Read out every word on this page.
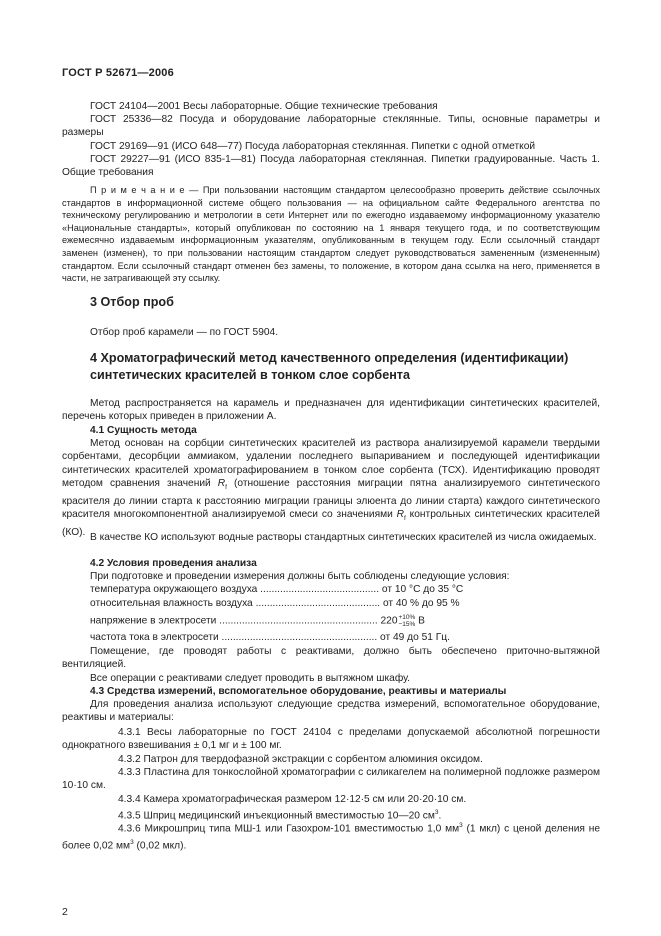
ГОСТ Р 52671—2006
ГОСТ 24104—2001 Весы лабораторные. Общие технические требования
ГОСТ 25336—82 Посуда и оборудование лабораторные стеклянные. Типы, основные параметры и размеры
ГОСТ 29169—91 (ИСО 648—77) Посуда лабораторная стеклянная. Пипетки с одной отметкой
ГОСТ 29227—91 (ИСО 835-1—81) Посуда лабораторная стеклянная. Пипетки градуированные. Часть 1. Общие требования
П р и м е ч а н и е — При пользовании настоящим стандартом целесообразно проверить действие ссылочных стандартов в информационной системе общего пользования — на официальном сайте Федерального агентства по техническому регулированию и метрологии в сети Интернет или по ежегодно издаваемому информационному указателю «Национальные стандарты», который опубликован по состоянию на 1 января текущего года, и по соответствующим ежемесячно издаваемым информационным указателям, опубликованным в текущем году. Если ссылочный стандарт заменен (изменен), то при пользовании настоящим стандартом следует руководствоваться замененным (измененным) стандартом. Если ссылочный стандарт отменен без замены, то положение, в котором дана ссылка на него, применяется в части, не затрагивающей эту ссылку.
3 Отбор проб
Отбор проб карамели — по ГОСТ 5904.
4 Хроматографический метод качественного определения (идентификации) синтетических красителей в тонком слое сорбента
Метод распространяется на карамель и предназначен для идентификации синтетических красителей, перечень которых приведен в приложении А.
4.1 Сущность метода
Метод основан на сорбции синтетических красителей из раствора анализируемой карамели твердыми сорбентами, десорбции аммиаком, удалении последнего выпариванием и последующей идентификации синтетических красителей хроматографированием в тонком слое сорбента (ТСХ). Идентификацию проводят методом сравнения значений $R_f$ (отношение расстояния миграции пятна анализируемого синтетического красителя до линии старта к расстоянию миграции границы элюента до линии старта) каждого синтетического красителя многокомпонентной анализируемой смеси со значениями $R_f$ контрольных синтетических красителей (КО). В качестве КО используют водные растворы стандартных синтетических красителей из числа ожидаемых.
4.2 Условия проведения анализа
При подготовке и проведении измерения должны быть соблюдены следующие условия:
температура окружающего воздуха .......................................... от 10 °С до 35 °С
относительная влажность воздуха ............................................ от 40 % до 95 %
напряжение в электросети ........................................................ 220+10%
−15% В
частота тока в электросети ....................................................... от 49 до 51 Гц.
Помещение, где проводят работы с реактивами, должно быть обеспечено приточно-вытяжной вентиляцией.
Все операции с реактивами следует проводить в вытяжном шкафу.
4.3 Средства измерений, вспомогательное оборудование, реактивы и материалы
Для проведения анализа используют следующие средства измерений, вспомогательное оборудование, реактивы и материалы:
4.3.1 Весы лабораторные по ГОСТ 24104 с пределами допускаемой абсолютной погрешности однократного взвешивания ± 0,1 мг и ± 100 мг.
4.3.2 Патрон для твердофазной экстракции с сорбентом алюминия оксидом.
4.3.3 Пластина для тонкослойной хроматографии с силикагелем на полимерной подложке размером 10·10 см.
4.3.4 Камера хроматографическая размером 12·12·5 см или 20·20·10 см.
4.3.5 Шприц медицинский инъекционный вместимостью 10—20 $см^3$.
4.3.6 Микрошприц типа МШ-1 или Газохром-101 вместимостью 1,0 $мм^3$ (1 мкл) с ценой деления не более 0,02 $мм^3$ (0,02 мкл).
2
